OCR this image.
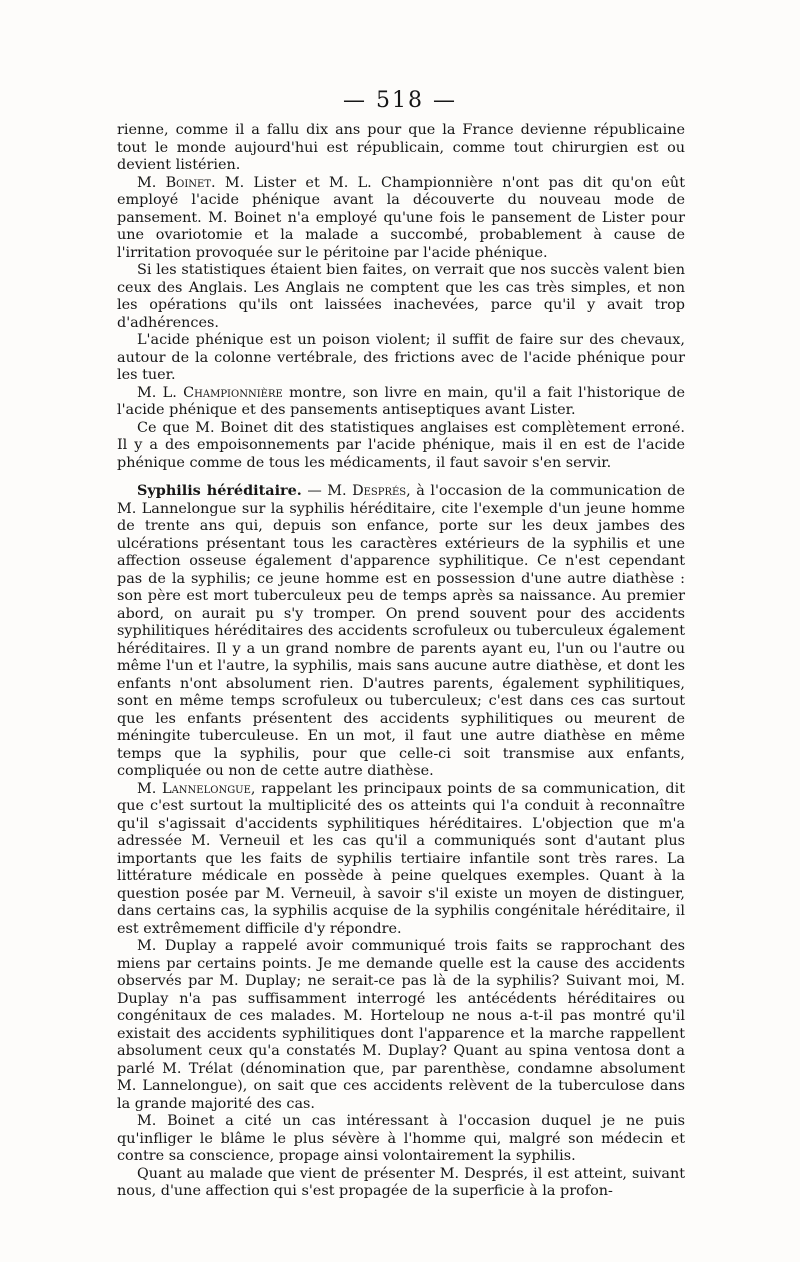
— 518 —

rienne, comme il a fallu dix ans pour que la France devienne républicaine tout le monde aujourd'hui est républicain, comme tout chirurgien est ou devient listérien.

M. Boinet. M. Lister et M. L. Championnière n'ont pas dit qu'on eût employé l'acide phénique avant la découverte du nouveau mode de pansement. M. Boinet n'a employé qu'une fois le pansement de Lister pour une ovariotomie et la malade a succombé, probablement à cause de l'irritation provoquée sur le péritoine par l'acide phénique.

Si les statistiques étaient bien faites, on verrait que nos succès valent bien ceux des Anglais. Les Anglais ne comptent que les cas très simples, et non les opérations qu'ils ont laissées inachevées, parce qu'il y avait trop d'adhérences.

L'acide phénique est un poison violent; il suffit de faire sur des chevaux, autour de la colonne vertébrale, des frictions avec de l'acide phénique pour les tuer.

M. L. Championnière montre, son livre en main, qu'il a fait l'historique de l'acide phénique et des pansements antiseptiques avant Lister.

Ce que M. Boinet dit des statistiques anglaises est complètement erroné. Il y a des empoisonnements par l'acide phénique, mais il en est de l'acide phénique comme de tous les médicaments, il faut savoir s'en servir.

Syphilis héréditaire. — M. Després, à l'occasion de la communication de M. Lannelongue sur la syphilis héréditaire, cite l'exemple d'un jeune homme de trente ans qui, depuis son enfance, porte sur les deux jambes des ulcérations présentant tous les caractères extérieurs de la syphilis et une affection osseuse également d'apparence syphilitique. Ce n'est cependant pas de la syphilis; ce jeune homme est en possession d'une autre diathèse : son père est mort tuberculeux peu de temps après sa naissance. Au premier abord, on aurait pu s'y tromper. On prend souvent pour des accidents syphilitiques héréditaires des accidents scrofuleux ou tuberculeux également héréditaires. Il y a un grand nombre de parents ayant eu, l'un ou l'autre ou même l'un et l'autre, la syphilis, mais sans aucune autre diathèse, et dont les enfants n'ont absolument rien. D'autres parents, également syphilitiques, sont en même temps scrofuleux ou tuberculeux; c'est dans ces cas surtout que les enfants présentent des accidents syphilitiques ou meurent de méningite tuberculeuse. En un mot, il faut une autre diathèse en même temps que la syphilis, pour que celle-ci soit transmise aux enfants, compliquée ou non de cette autre diathèse.

M. Lannelongue, rappelant les principaux points de sa communication, dit que c'est surtout la multiplicité des os atteints qui l'a conduit à reconnaître qu'il s'agissait d'accidents syphilitiques héréditaires. L'objection que m'a adressée M. Verneuil et les cas qu'il a communiqués sont d'autant plus importants que les faits de syphilis tertiaire infantile sont très rares. La littérature médicale en possède à peine quelques exemples. Quant à la question posée par M. Verneuil, à savoir s'il existe un moyen de distinguer, dans certains cas, la syphilis acquise de la syphilis congénitale héréditaire, il est extrêmement difficile d'y répondre.

M. Duplay a rappelé avoir communiqué trois faits se rapprochant des miens par certains points. Je me demande quelle est la cause des accidents observés par M. Duplay; ne serait-ce pas là de la syphilis? Suivant moi, M. Duplay n'a pas suffisamment interrogé les antécédents héréditaires ou congénitaux de ces malades. M. Horteloup ne nous a-t-il pas montré qu'il existait des accidents syphilitiques dont l'apparence et la marche rappellent absolument ceux qu'a constatés M. Duplay? Quant au spina ventosa dont a parlé M. Trélat (dénomination que, par parenthèse, condamne absolument M. Lannelongue), on sait que ces accidents relèvent de la tuberculose dans la grande majorité des cas.

M. Boinet a cité un cas intéressant à l'occasion duquel je ne puis qu'infliger le blâme le plus sévère à l'homme qui, malgré son médecin et contre sa conscience, propage ainsi volontairement la syphilis.

Quant au malade que vient de présenter M. Després, il est atteint, suivant nous, d'une affection qui s'est propagée de la superficie à la profon-
